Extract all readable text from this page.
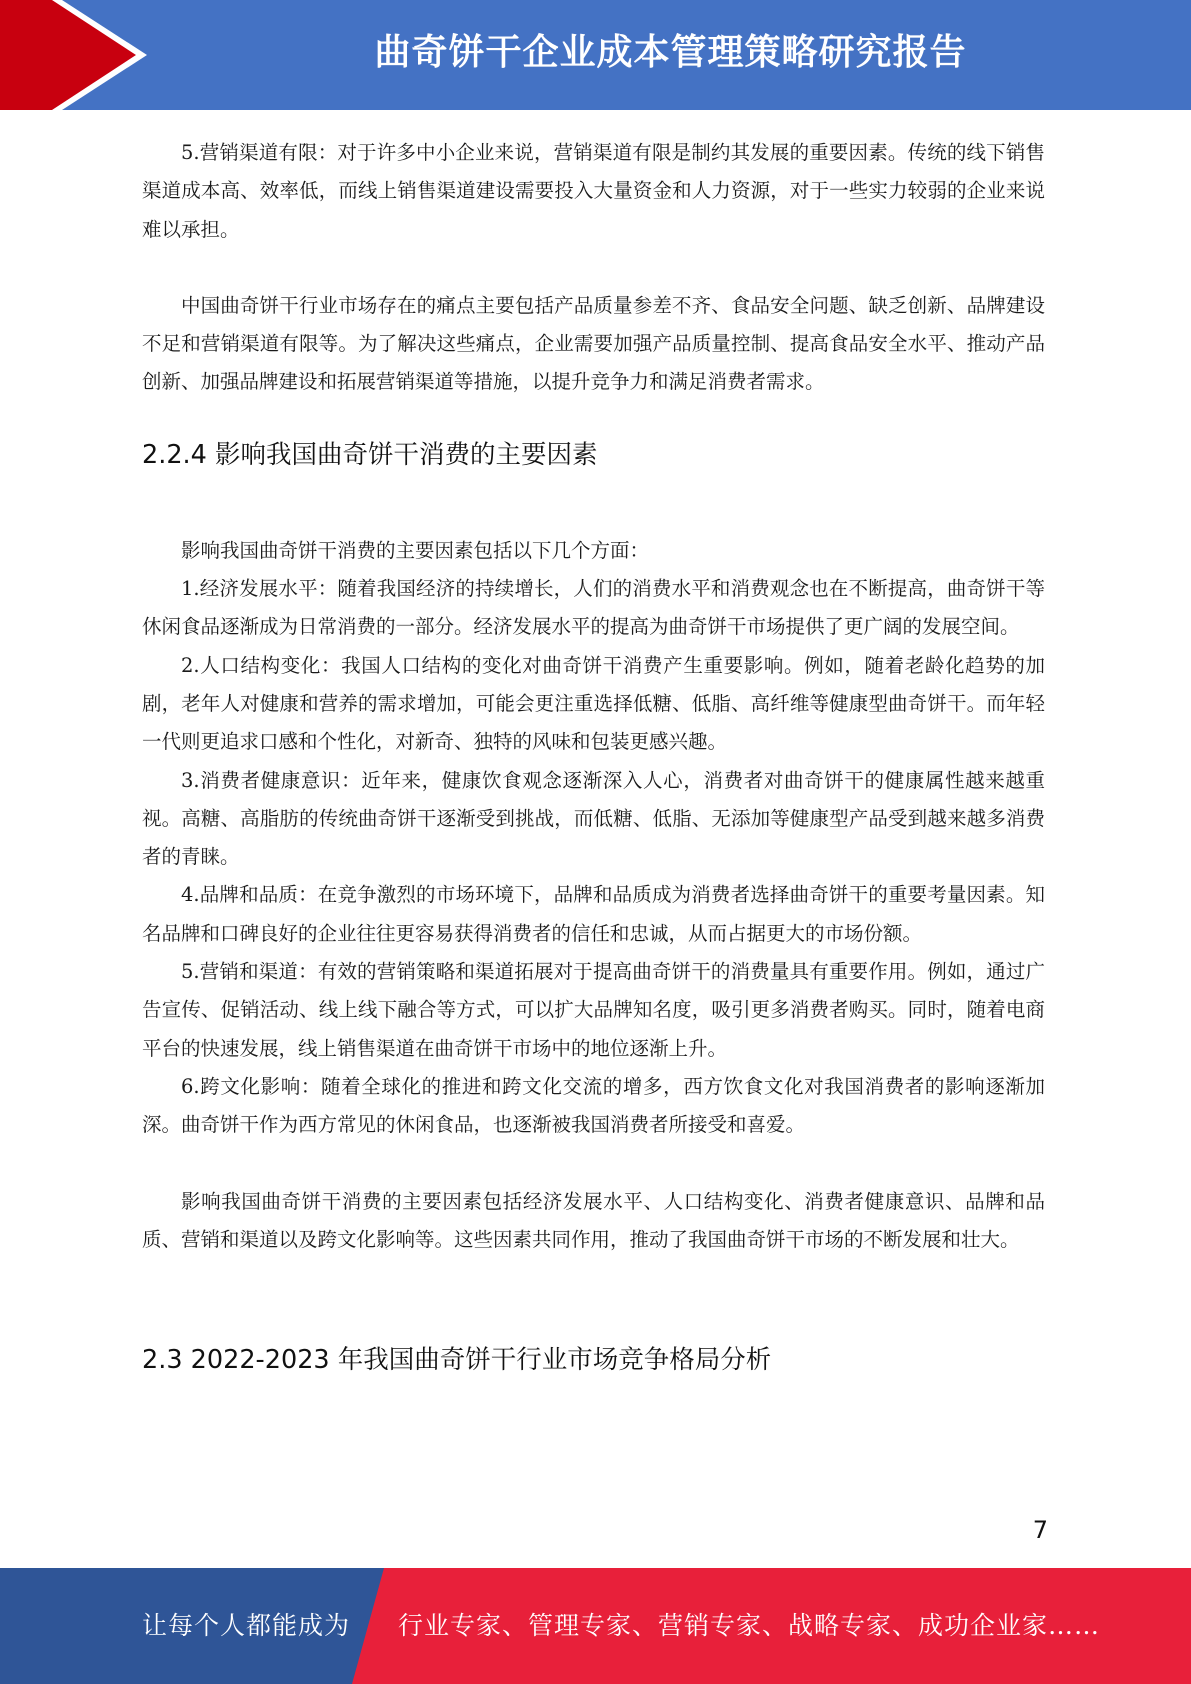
曲奇饼干企业成本管理策略研究报告

5.营销渠道有限：对于许多中小企业来说，营销渠道有限是制约其发展的重要因素。传统的线下销售渠道成本高、效率低，而线上销售渠道建设需要投入大量资金和人力资源，对于一些实力较弱的企业来说难以承担。

中国曲奇饼干行业市场存在的痛点主要包括产品质量参差不齐、食品安全问题、缺乏创新、品牌建设不足和营销渠道有限等。为了解决这些痛点，企业需要加强产品质量控制、提高食品安全水平、推动产品创新、加强品牌建设和拓展营销渠道等措施，以提升竞争力和满足消费者需求。

2.2.4 影响我国曲奇饼干消费的主要因素

影响我国曲奇饼干消费的主要因素包括以下几个方面：

1.经济发展水平：随着我国经济的持续增长，人们的消费水平和消费观念也在不断提高，曲奇饼干等休闲食品逐渐成为日常消费的一部分。经济发展水平的提高为曲奇饼干市场提供了更广阔的发展空间。

2.人口结构变化：我国人口结构的变化对曲奇饼干消费产生重要影响。例如，随着老龄化趋势的加剧，老年人对健康和营养的需求增加，可能会更注重选择低糖、低脂、高纤维等健康型曲奇饼干。而年轻一代则更追求口感和个性化，对新奇、独特的风味和包装更感兴趣。

3.消费者健康意识：近年来，健康饮食观念逐渐深入人心，消费者对曲奇饼干的健康属性越来越重视。高糖、高脂肪的传统曲奇饼干逐渐受到挑战，而低糖、低脂、无添加等健康型产品受到越来越多消费者的青睐。

4.品牌和品质：在竞争激烈的市场环境下，品牌和品质成为消费者选择曲奇饼干的重要考量因素。知名品牌和口碑良好的企业往往更容易获得消费者的信任和忠诚，从而占据更大的市场份额。

5.营销和渠道：有效的营销策略和渠道拓展对于提高曲奇饼干的消费量具有重要作用。例如，通过广告宣传、促销活动、线上线下融合等方式，可以扩大品牌知名度，吸引更多消费者购买。同时，随着电商平台的快速发展，线上销售渠道在曲奇饼干市场中的地位逐渐上升。

6.跨文化影响：随着全球化的推进和跨文化交流的增多，西方饮食文化对我国消费者的影响逐渐加深。曲奇饼干作为西方常见的休闲食品，也逐渐被我国消费者所接受和喜爱。

影响我国曲奇饼干消费的主要因素包括经济发展水平、人口结构变化、消费者健康意识、品牌和品质、营销和渠道以及跨文化影响等。这些因素共同作用，推动了我国曲奇饼干市场的不断发展和壮大。

2.3 2022-2023 年我国曲奇饼干行业市场竞争格局分析
7
让每个人都能成为 行业专家、管理专家、营销专家、战略专家、成功企业家……
